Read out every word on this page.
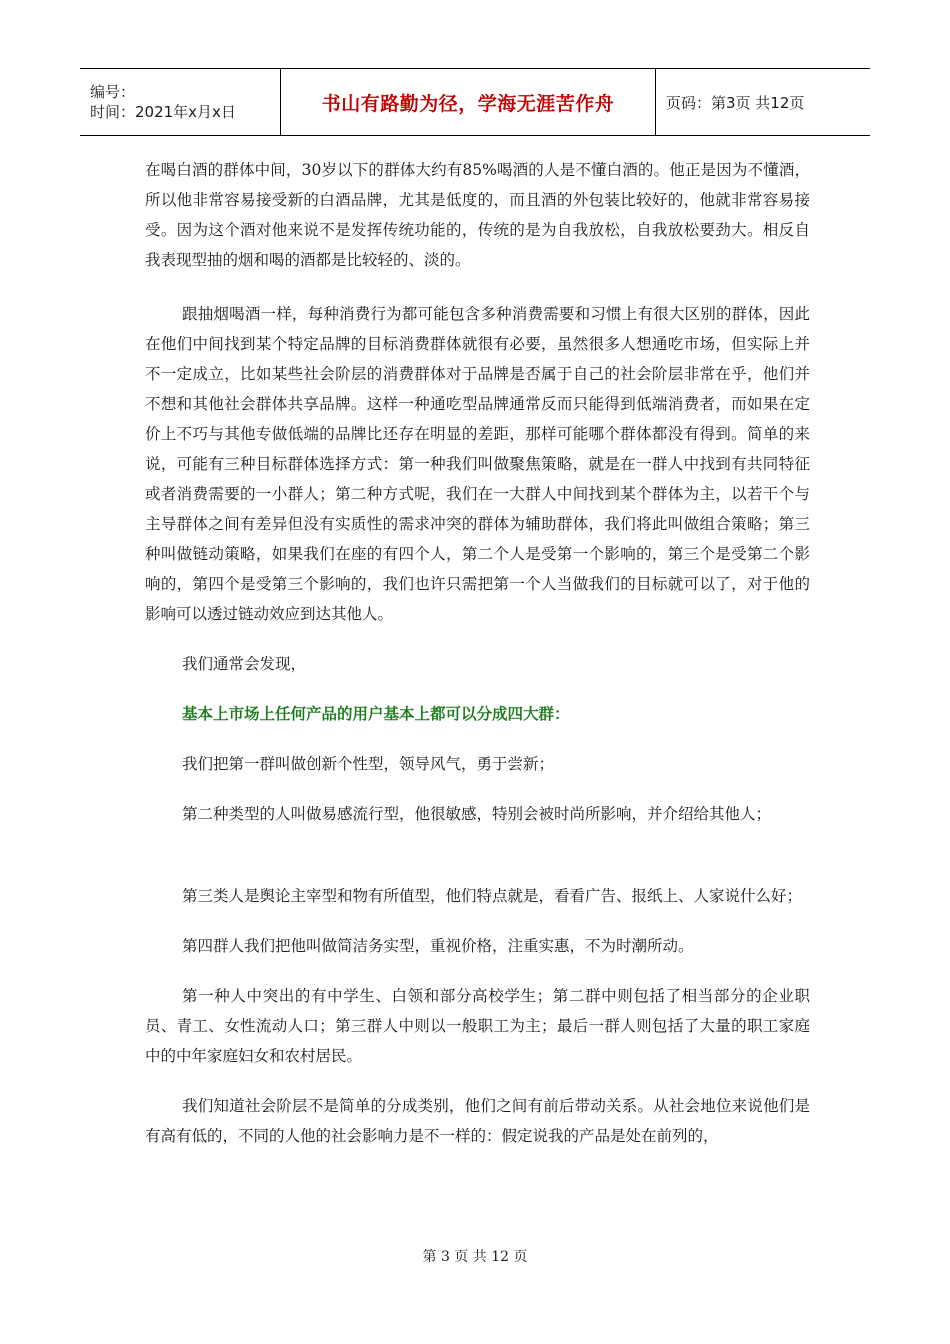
编号：
时间：2021年x月x日	书山有路勤为径，学海无涯苦作舟	页码：第3页 共12页

在喝白酒的群体中间，30岁以下的群体大约有85%喝酒的人是不懂白酒的。他正是因为不懂酒，所以他非常容易接受新的白酒品牌，尤其是低度的，而且酒的外包装比较好的，他就非常容易接受。因为这个酒对他来说不是发挥传统功能的，传统的是为自我放松，自我放松要劲大。相反自我表现型抽的烟和喝的酒都是比较轻的、淡的。

跟抽烟喝酒一样，每种消费行为都可能包含多种消费需要和习惯上有很大区别的群体，因此在他们中间找到某个特定品牌的目标消费群体就很有必要，虽然很多人想通吃市场，但实际上并不一定成立，比如某些社会阶层的消费群体对于品牌是否属于自己的社会阶层非常在乎，他们并不想和其他社会群体共享品牌。这样一种通吃型品牌通常反而只能得到低端消费者，而如果在定价上不巧与其他专做低端的品牌比还存在明显的差距，那样可能哪个群体都没有得到。简单的来说，可能有三种目标群体选择方式：第一种我们叫做聚焦策略，就是在一群人中找到有共同特征或者消费需要的一小群人；第二种方式呢，我们在一大群人中间找到某个群体为主，以若干个与主导群体之间有差异但没有实质性的需求冲突的群体为辅助群体，我们将此叫做组合策略；第三种叫做链动策略，如果我们在座的有四个人，第二个人是受第一个影响的，第三个是受第二个影响的，第四个是受第三个影响的，我们也许只需把第一个人当做我们的目标就可以了，对于他的影响可以透过链动效应到达其他人。

我们通常会发现，

基本上市场上任何产品的用户基本上都可以分成四大群：

我们把第一群叫做创新个性型，领导风气，勇于尝新；

第二种类型的人叫做易感流行型，他很敏感，特别会被时尚所影响，并介绍给其他人；

第三类人是舆论主宰型和物有所值型，他们特点就是，看看广告、报纸上、人家说什么好；

第四群人我们把他叫做简洁务实型，重视价格，注重实惠，不为时潮所动。

第一种人中突出的有中学生、白领和部分高校学生；第二群中则包括了相当部分的企业职员、青工、女性流动人口；第三群人中则以一般职工为主；最后一群人则包括了大量的职工家庭中的中年家庭妇女和农村居民。

我们知道社会阶层不是简单的分成类别，他们之间有前后带动关系。从社会地位来说他们是有高有低的，不同的人他的社会影响力是不一样的：假定说我的产品是处在前列的，

第 3 页 共 12 页
